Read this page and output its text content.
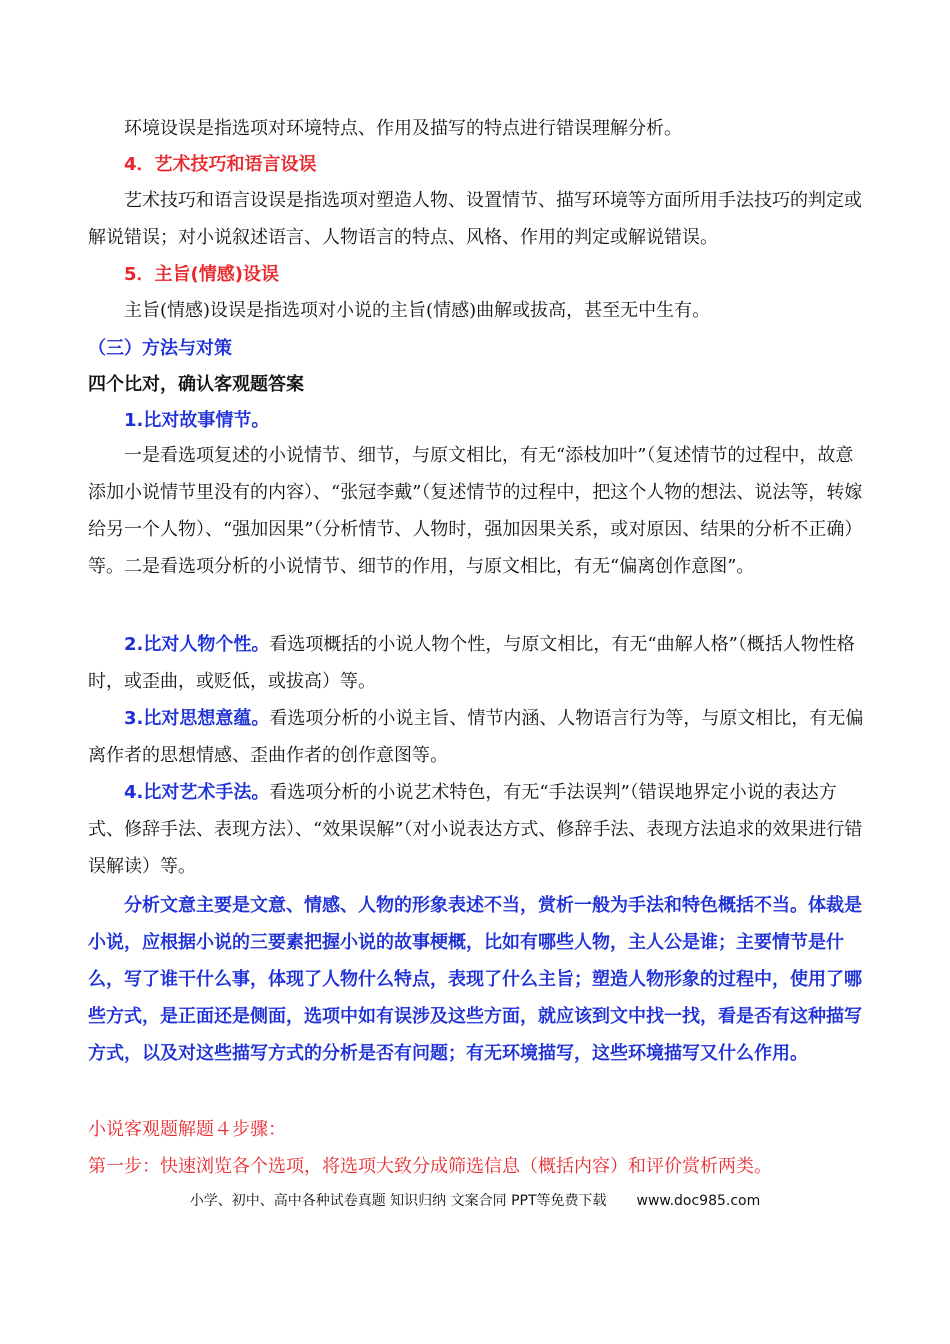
环境设误是指选项对环境特点、作用及描写的特点进行错误理解分析。

4．艺术技巧和语言设误

艺术技巧和语言设误是指选项对塑造人物、设置情节、描写环境等方面所用手法技巧的判定或解说错误；对小说叙述语言、人物语言的特点、风格、作用的判定或解说错误。

5．主旨(情感)设误

主旨(情感)设误是指选项对小说的主旨(情感)曲解或拔高，甚至无中生有。

（三）方法与对策

四个比对，确认客观题答案

1.比对故事情节。

一是看选项复述的小说情节、细节，与原文相比，有无“添枝加叶”（复述情节的过程中，故意添加小说情节里没有的内容）、“张冠李戴”（复述情节的过程中，把这个人物的想法、说法等，转嫁给另一个人物）、“强加因果”（分析情节、人物时，强加因果关系，或对原因、结果的分析不正确）等。二是看选项分析的小说情节、细节的作用，与原文相比，有无“偏离创作意图”。

2.比对人物个性。看选项概括的小说人物个性，与原文相比，有无“曲解人格”（概括人物性格时，或歪曲，或贬低，或拔高）等。

3.比对思想意蕴。看选项分析的小说主旨、情节内涵、人物语言行为等，与原文相比，有无偏离作者的思想情感、歪曲作者的创作意图等。

4.比对艺术手法。看选项分析的小说艺术特色，有无“手法误判”（错误地界定小说的表达方式、修辞手法、表现方法）、“效果误解”（对小说表达方式、修辞手法、表现方法追求的效果进行错误解读）等。

分析文意主要是文意、情感、人物的形象表述不当，赏析一般为手法和特色概括不当。体裁是小说，应根据小说的三要素把握小说的故事梗概，比如有哪些人物，主人公是谁；主要情节是什么，写了谁干什么事，体现了人物什么特点，表现了什么主旨；塑造人物形象的过程中，使用了哪些方式，是正面还是侧面，选项中如有误涉及这些方面，就应该到文中找一找，看是否有这种描写方式，以及对这些描写方式的分析是否有问题；有无环境描写，这些环境描写又什么作用。

小说客观题解题４步骤：

第一步：快速浏览各个选项，将选项大致分成筛选信息（概括内容）和评价赏析两类。

小学、初中、高中各种试卷真题 知识归纳 文案合同 PPT等免费下载 www.doc985.com
